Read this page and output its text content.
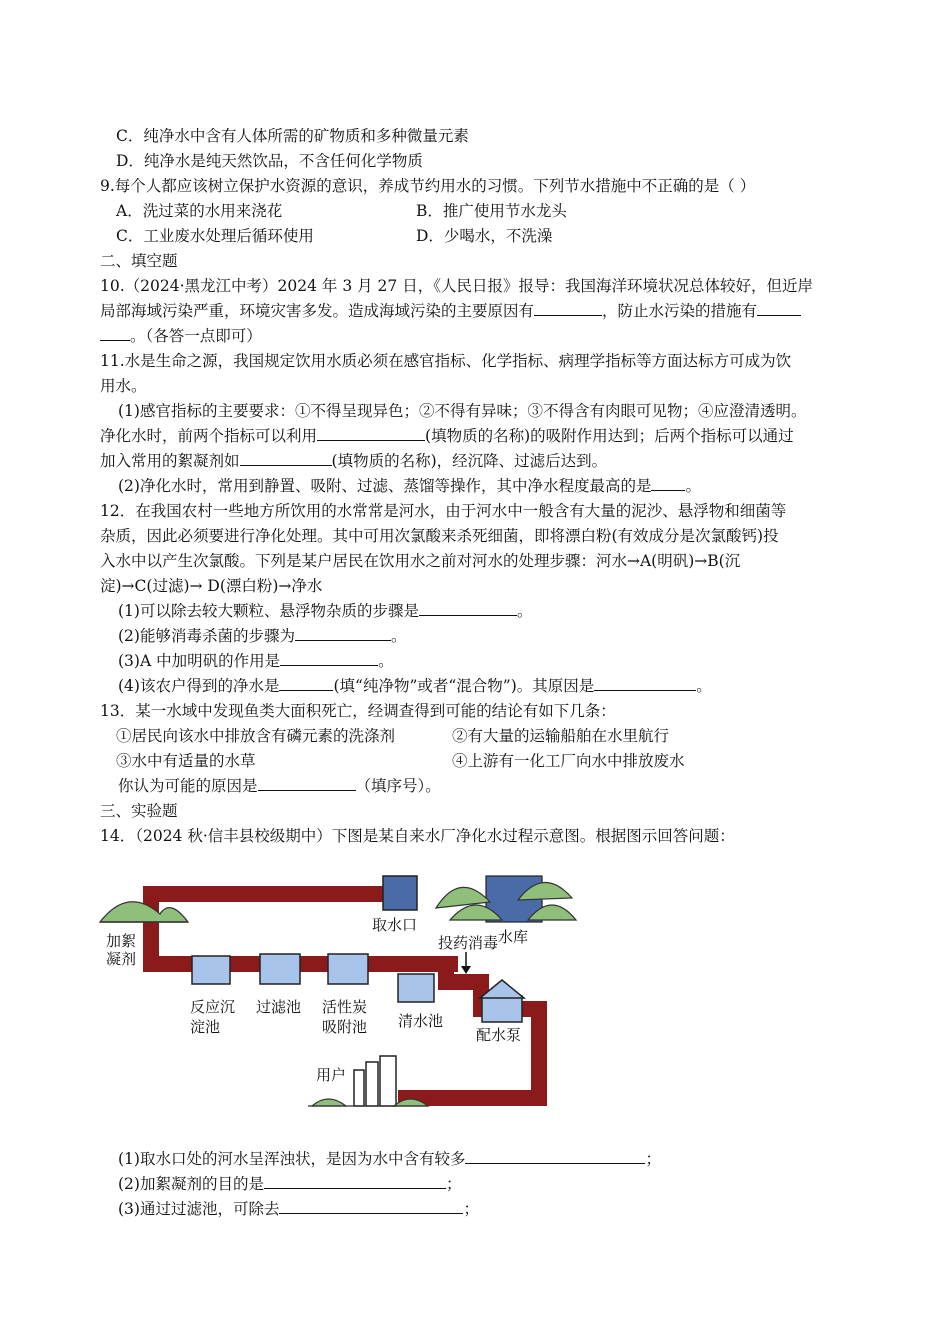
C．纯净水中含有人体所需的矿物质和多种微量元素
D．纯净水是纯天然饮品，不含任何化学物质
9.每个人都应该树立保护水资源的意识，养成节约用水的习惯。下列节水措施中不正确的是（ ）
A．洗过菜的水用来浇花	B．推广使用节水龙头
C．工业废水处理后循环使用	D．少喝水，不洗澡
二、填空题
10.（2024·黑龙江中考）2024 年 3 月 27 日，《人民日报》报导：我国海洋环境状况总体较好，但近岸
局部海域污染严重，环境灾害多发。造成海域污染的主要原因有	，防止水污染的措施有
。（各答一点即可）
11.水是生命之源，我国规定饮用水质必须在感官指标、化学指标、病理学指标等方面达标方可成为饮
用水。
(1)感官指标的主要要求：①不得呈现异色；②不得有异味；③不得含有肉眼可见物；④应澄清透明。
净化水时，前两个指标可以利用	(填物质的名称)的吸附作用达到；后两个指标可以通过
加入常用的絮凝剂如	(填物质的名称)，经沉降、过滤后达到。
(2)净化水时，常用到静置、吸附、过滤、蒸馏等操作，其中净水程度最高的是 。
12．在我国农村一些地方所饮用的水常常是河水，由于河水中一般含有大量的泥沙、悬浮物和细菌等
杂质，因此必须要进行净化处理。其中可用次氯酸来杀死细菌，即将漂白粉(有效成分是次氯酸钙)投
入水中以产生次氯酸。下列是某户居民在饮用水之前对河水的处理步骤：河水→A(明矾)→B(沉
淀)→C(过滤)→ D(漂白粉)→净水
(1)可以除去较大颗粒、悬浮物杂质的步骤是	。
(2)能够消毒杀菌的步骤为	。
(3)A 中加明矾的作用是	。
(4)该农户得到的净水是	(填“纯净物”或者“混合物”)。其原因是	。
13．某一水域中发现鱼类大面积死亡，经调查得到可能的结论有如下几条：
①居民向该水中排放含有磷元素的洗涤剂	②有大量的运输船舶在水里航行
③水中有适量的水草	④上游有一化工厂向水中排放废水
你认为可能的原因是	（填序号）。
三、实验题
14．（2024 秋·信丰县校级期中）下图是某自来水厂净化水过程示意图。根据图示回答问题：
取水口
水库
加絮
凝剂
投药消毒
反应沉
淀池
过滤池 活性炭
吸附池 清水池
配水泵
用户
(1)取水口处的河水呈浑浊状，是因为水中含有较多	；
(2)加絮凝剂的目的是	；
(3)通过过滤池，可除去	；
